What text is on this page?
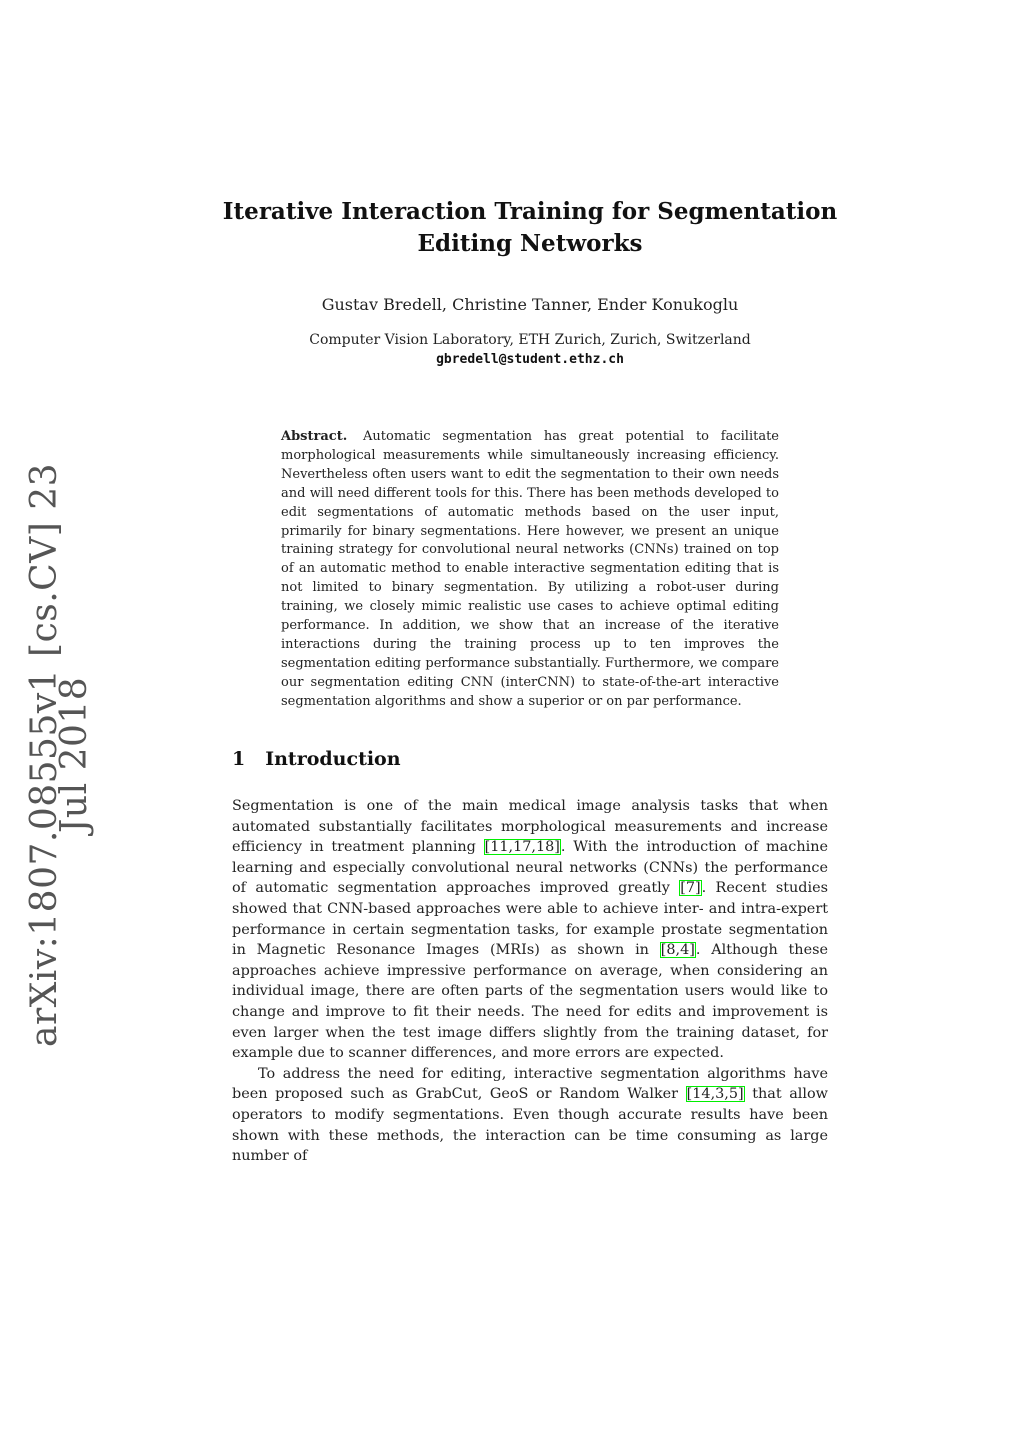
arXiv:1807.08555v1 [cs.CV] 23 Jul 2018
Iterative Interaction Training for Segmentation
Editing Networks
Gustav Bredell, Christine Tanner, Ender Konukoglu
Computer Vision Laboratory, ETH Zurich, Zurich, Switzerland
gbredell@student.ethz.ch
Abstract. Automatic segmentation has great potential to facilitate morphological measurements while simultaneously increasing efficiency. Nevertheless often users want to edit the segmentation to their own needs and will need different tools for this. There has been methods developed to edit segmentations of automatic methods based on the user input, primarily for binary segmentations. Here however, we present an unique training strategy for convolutional neural networks (CNNs) trained on top of an automatic method to enable interactive segmentation editing that is not limited to binary segmentation. By utilizing a robot-user during training, we closely mimic realistic use cases to achieve optimal editing performance. In addition, we show that an increase of the iterative interactions during the training process up to ten improves the segmentation editing performance substantially. Furthermore, we compare our segmentation editing CNN (interCNN) to state-of-the-art interactive segmentation algorithms and show a superior or on par performance.
1 Introduction

Segmentation is one of the main medical image analysis tasks that when automated substantially facilitates morphological measurements and increase efficiency in treatment planning [11,17,18]. With the introduction of machine learning and especially convolutional neural networks (CNNs) the performance of automatic segmentation approaches improved greatly [7]. Recent studies showed that CNN-based approaches were able to achieve inter- and intra-expert performance in certain segmentation tasks, for example prostate segmentation in Magnetic Resonance Images (MRIs) as shown in [8,4]. Although these approaches achieve impressive performance on average, when considering an individual image, there are often parts of the segmentation users would like to change and improve to fit their needs. The need for edits and improvement is even larger when the test image differs slightly from the training dataset, for example due to scanner differences, and more errors are expected.

To address the need for editing, interactive segmentation algorithms have been proposed such as GrabCut, GeoS or Random Walker [14,3,5] that allow operators to modify segmentations. Even though accurate results have been shown with these methods, the interaction can be time consuming as large number of
